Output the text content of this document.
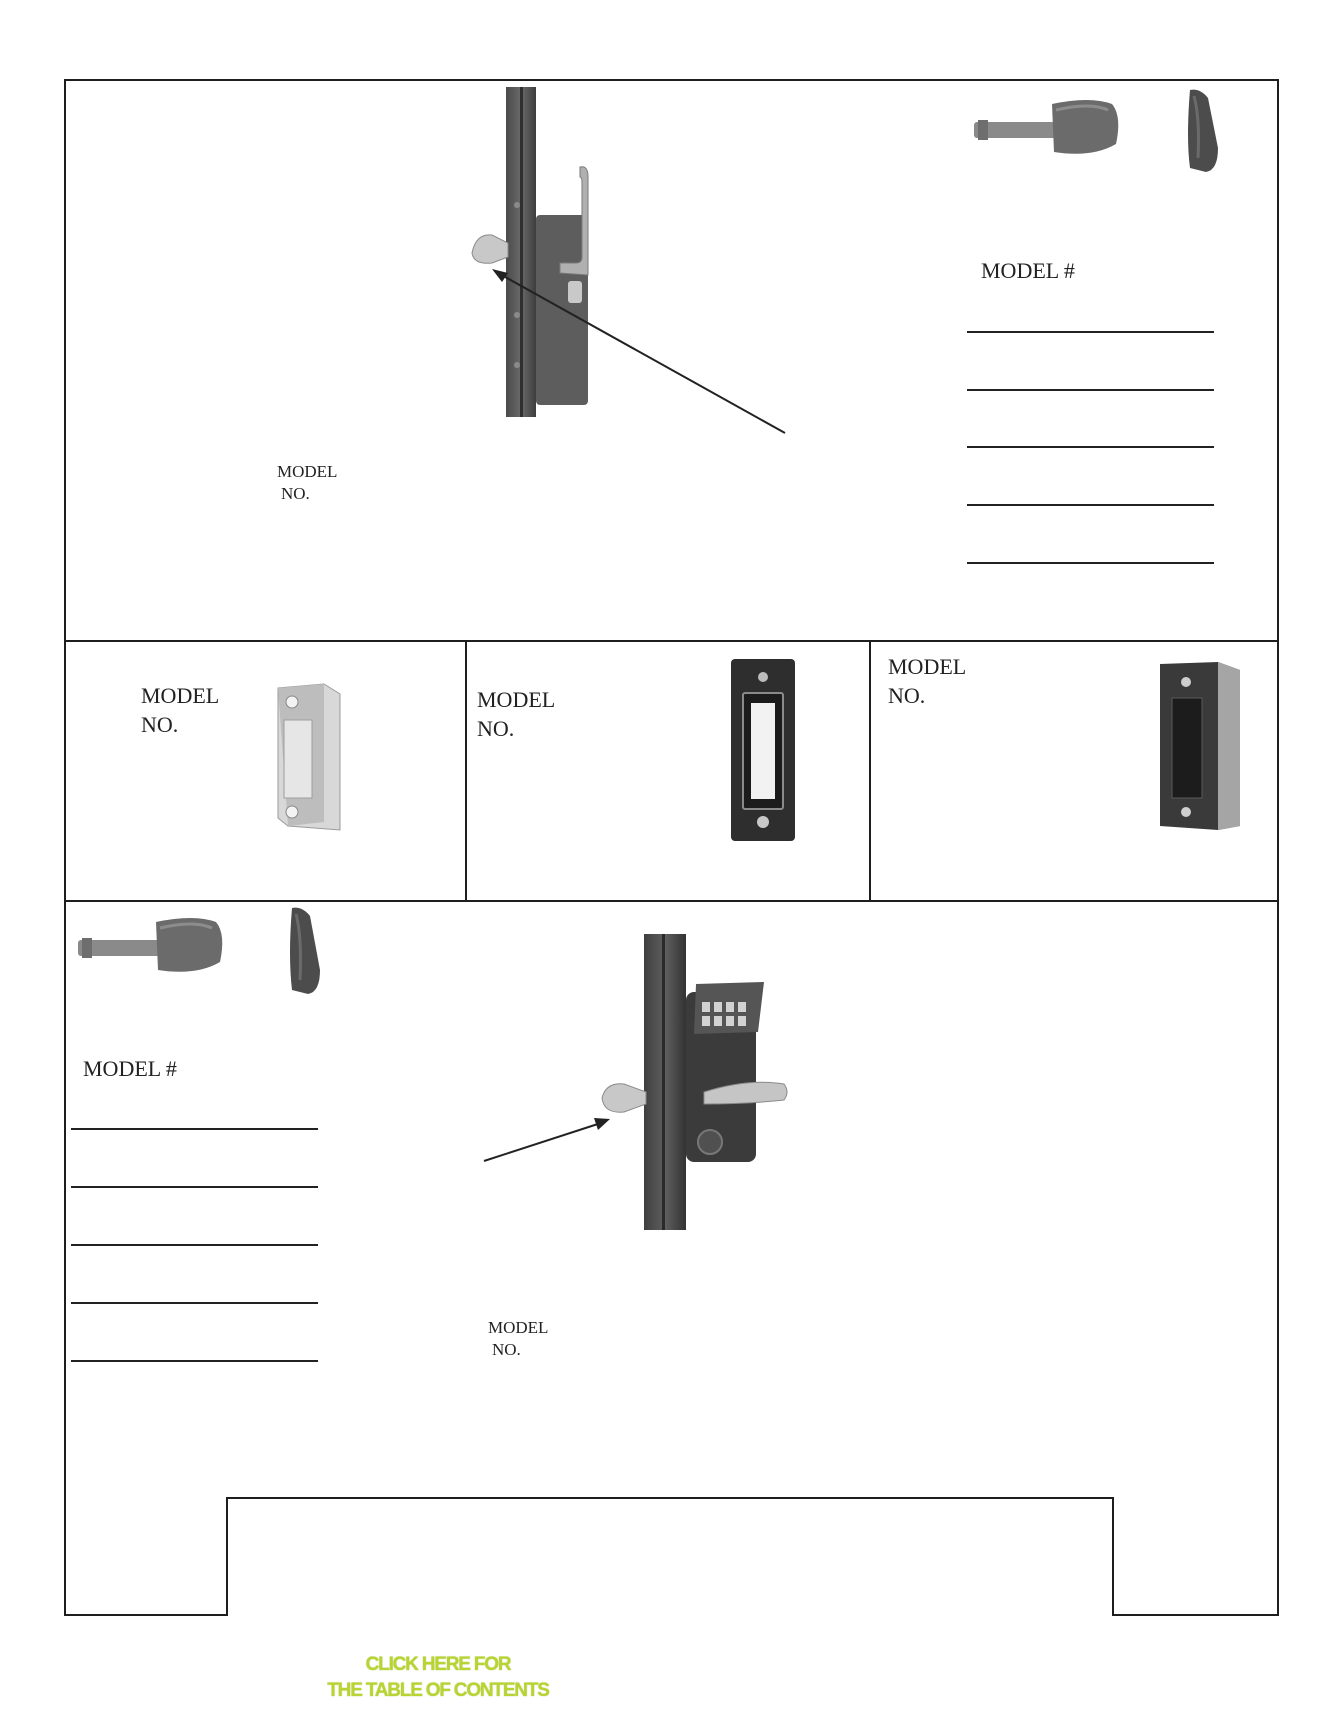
MODEL
NO.
MODEL #
MODEL
NO.
MODEL
NO.
MODEL
NO.
MODEL #
MODEL
NO.
CLICK HERE FOR
THE TABLE OF CONTENTS
